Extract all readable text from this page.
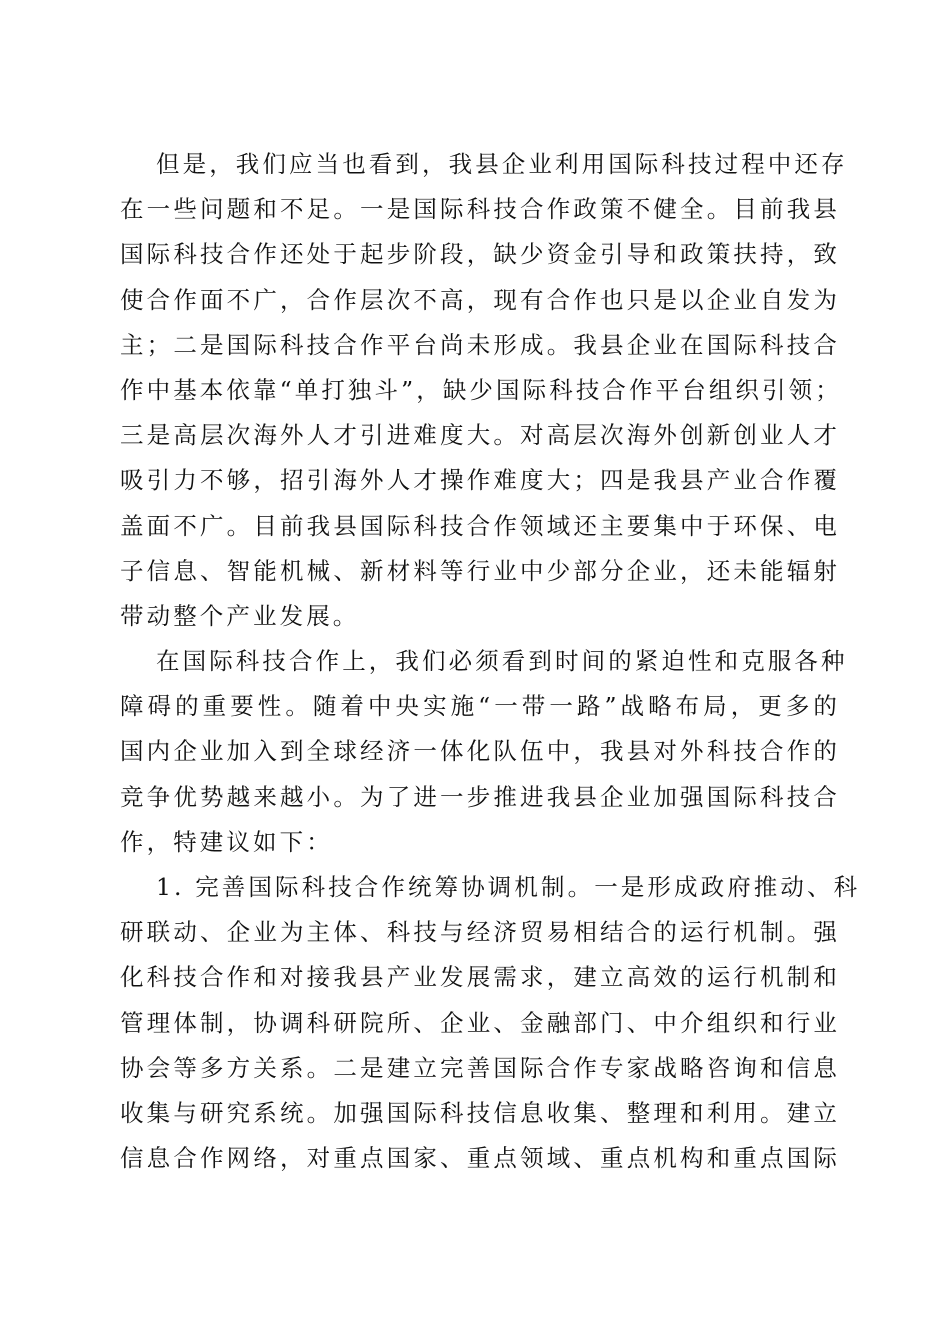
但是，我们应当也看到，我县企业利用国际科技过程中还存
在一些问题和不足。一是国际科技合作政策不健全。目前我县
国际科技合作还处于起步阶段，缺少资金引导和政策扶持，致
使合作面不广，合作层次不高，现有合作也只是以企业自发为
主；二是国际科技合作平台尚未形成。我县企业在国际科技合
作中基本依靠“单打独斗”，缺少国际科技合作平台组织引领；
三是高层次海外人才引进难度大。对高层次海外创新创业人才
吸引力不够，招引海外人才操作难度大；四是我县产业合作覆
盖面不广。目前我县国际科技合作领域还主要集中于环保、电
子信息、智能机械、新材料等行业中少部分企业，还未能辐射
带动整个产业发展。

在国际科技合作上，我们必须看到时间的紧迫性和克服各种
障碍的重要性。随着中央实施“一带一路”战略布局，更多的
国内企业加入到全球经济一体化队伍中，我县对外科技合作的
竞争优势越来越小。为了进一步推进我县企业加强国际科技合
作，特建议如下：

1. 完善国际科技合作统筹协调机制。一是形成政府推动、科
研联动、企业为主体、科技与经济贸易相结合的运行机制。强
化科技合作和对接我县产业发展需求，建立高效的运行机制和
管理体制，协调科研院所、企业、金融部门、中介组织和行业
协会等多方关系。二是建立完善国际合作专家战略咨询和信息
收集与研究系统。加强国际科技信息收集、整理和利用。建立
信息合作网络，对重点国家、重点领域、重点机构和重点国际
